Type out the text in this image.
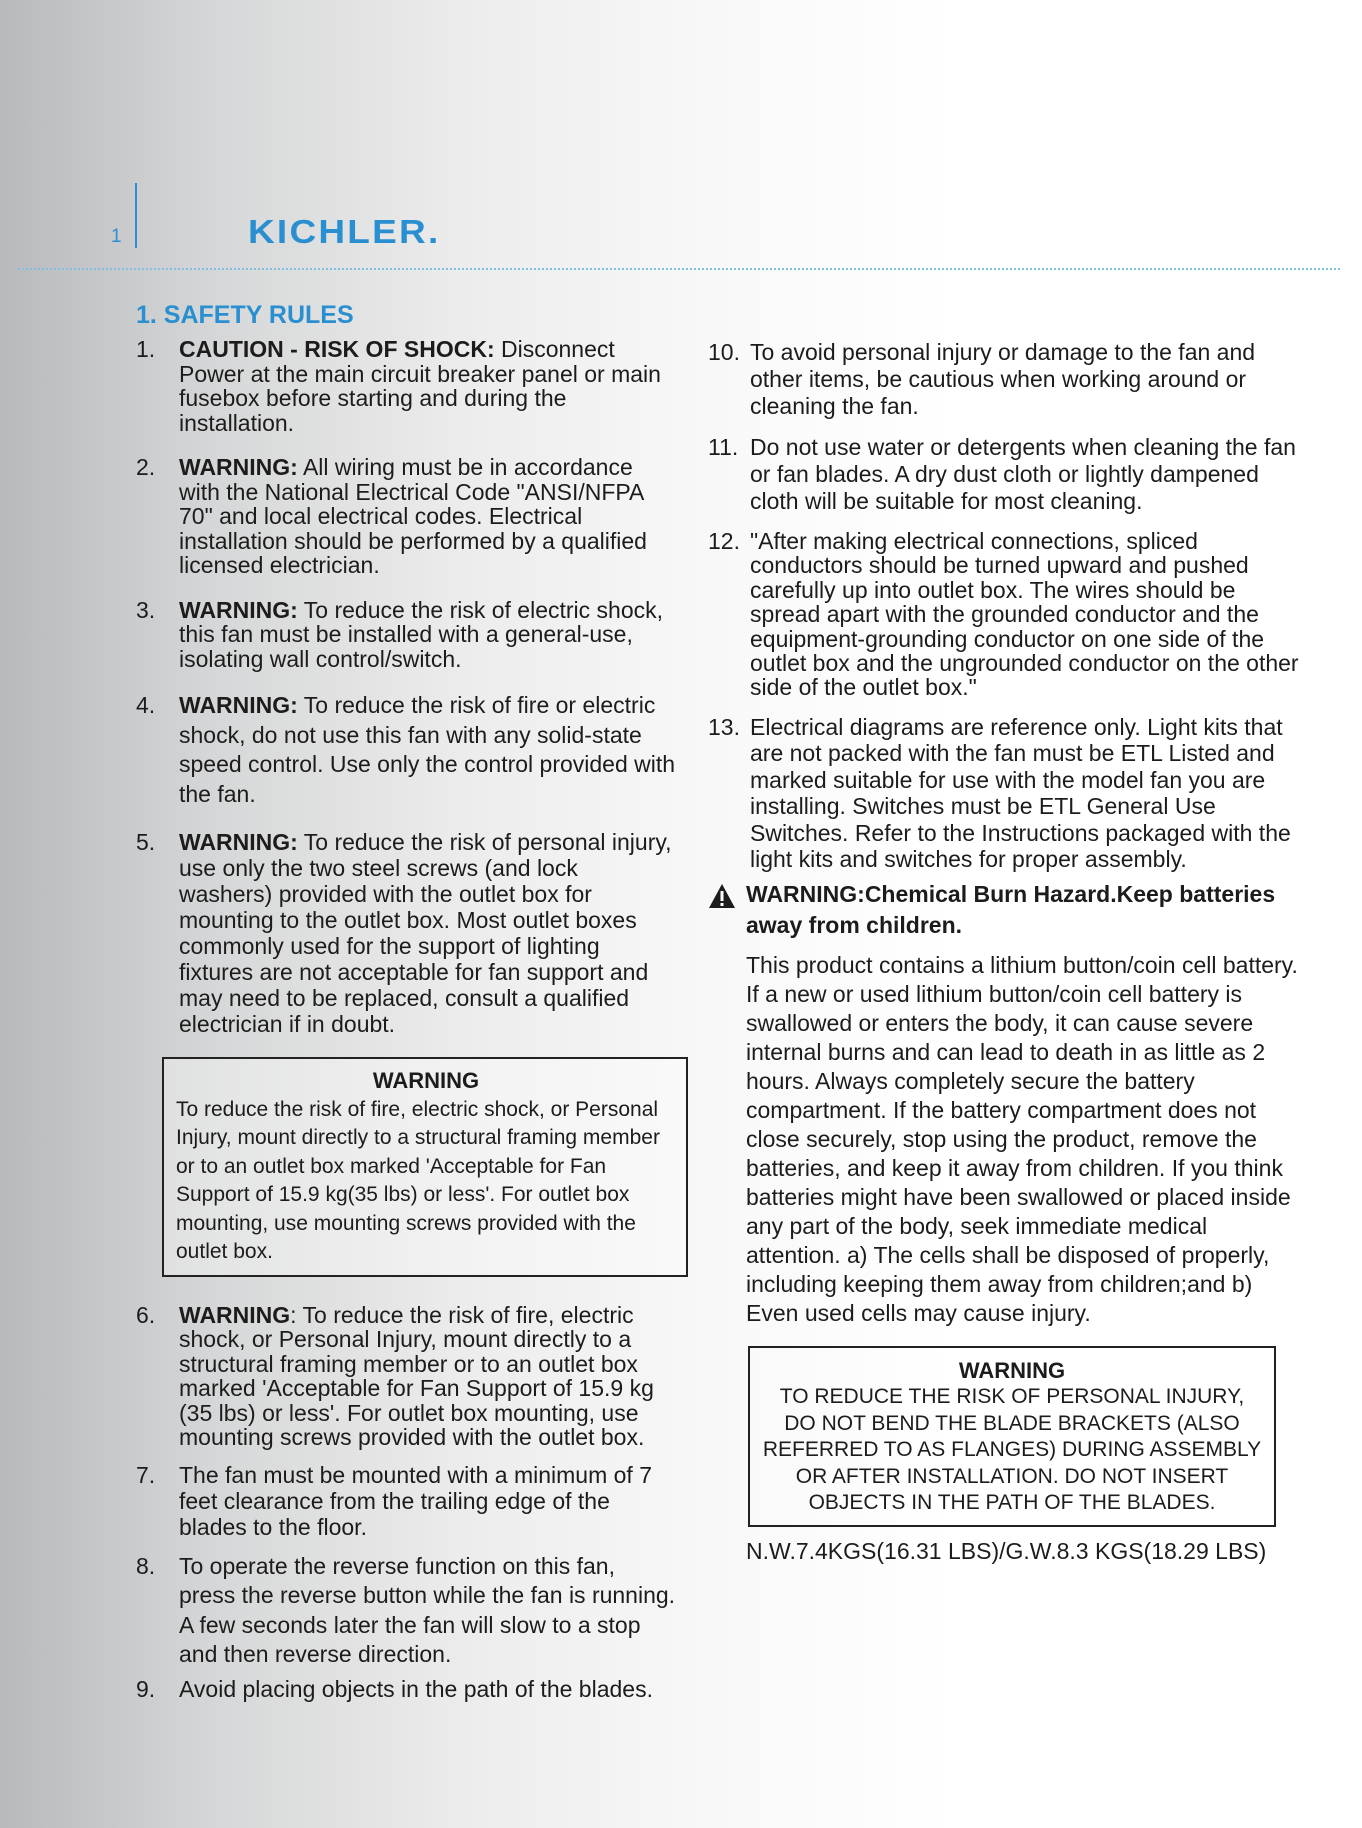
1	KICHLER.
1. SAFETY RULES
1.	CAUTION - RISK OF SHOCK: Disconnect Power at the main circuit breaker panel or main fusebox before starting and during the installation.
2.	WARNING: All wiring must be in accordance with the National Electrical Code "ANSI/NFPA 70" and local electrical codes. Electrical installation should be performed by a qualified licensed electrician.
3.	WARNING: To reduce the risk of electric shock, this fan must be installed with a general-use, isolating wall control/switch.
4.	WARNING: To reduce the risk of fire or electric shock, do not use this fan with any solid-state speed control. Use only the control provided with the fan.
5.	WARNING: To reduce the risk of personal injury, use only the two steel screws (and lock washers) provided with the outlet box for mounting to the outlet box. Most outlet boxes commonly used for the support of lighting fixtures are not acceptable for fan support and may need to be replaced, consult a qualified electrician if in doubt.
WARNING
To reduce the risk of fire, electric shock, or Personal Injury, mount directly to a structural framing member or to an outlet box marked 'Acceptable for Fan Support of 15.9 kg(35 lbs) or less'. For outlet box mounting, use mounting screws provided with the outlet box.
6.	WARNING: To reduce the risk of fire, electric shock, or Personal Injury, mount directly to a structural framing member or to an outlet box marked 'Acceptable for Fan Support of 15.9 kg (35 lbs) or less'. For outlet box mounting, use mounting screws provided with the outlet box.
7.	The fan must be mounted with a minimum of 7 feet clearance from the trailing edge of the blades to the floor.
8.	To operate the reverse function on this fan, press the reverse button while the fan is running. A few seconds later the fan will slow to a stop and then reverse direction.
9.	Avoid placing objects in the path of the blades.
10. To avoid personal injury or damage to the fan and other items, be cautious when working around or cleaning the fan.
11. Do not use water or detergents when cleaning the fan or fan blades. A dry dust cloth or lightly dampened cloth will be suitable for most cleaning.
12. "After making electrical connections, spliced conductors should be turned upward and pushed carefully up into outlet box. The wires should be spread apart with the grounded conductor and the equipment-grounding conductor on one side of the outlet box and the ungrounded conductor on the other side of the outlet box."
13. Electrical diagrams are reference only. Light kits that are not packed with the fan must be ETL Listed and marked suitable for use with the model fan you are installing. Switches must be ETL General Use Switches. Refer to the Instructions packaged with the light kits and switches for proper assembly.
WARNING:Chemical Burn Hazard.Keep batteries away from children.
This product contains a lithium button/coin cell battery. If a new or used lithium button/coin cell battery is swallowed or enters the body, it can cause severe internal burns and can lead to death in as little as 2 hours. Always completely secure the battery compartment. If the battery compartment does not close securely, stop using the product, remove the batteries, and keep it away from children. If you think batteries might have been swallowed or placed inside any part of the body, seek immediate medical attention. a) The cells shall be disposed of properly, including keeping them away from children;and b) Even used cells may cause injury.
WARNING
TO REDUCE THE RISK OF PERSONAL INJURY, DO NOT BEND THE BLADE BRACKETS (ALSO REFERRED TO AS FLANGES) DURING ASSEMBLY OR AFTER INSTALLATION. DO NOT INSERT OBJECTS IN THE PATH OF THE BLADES.
N.W.7.4KGS(16.31 LBS)/G.W.8.3 KGS(18.29 LBS)
